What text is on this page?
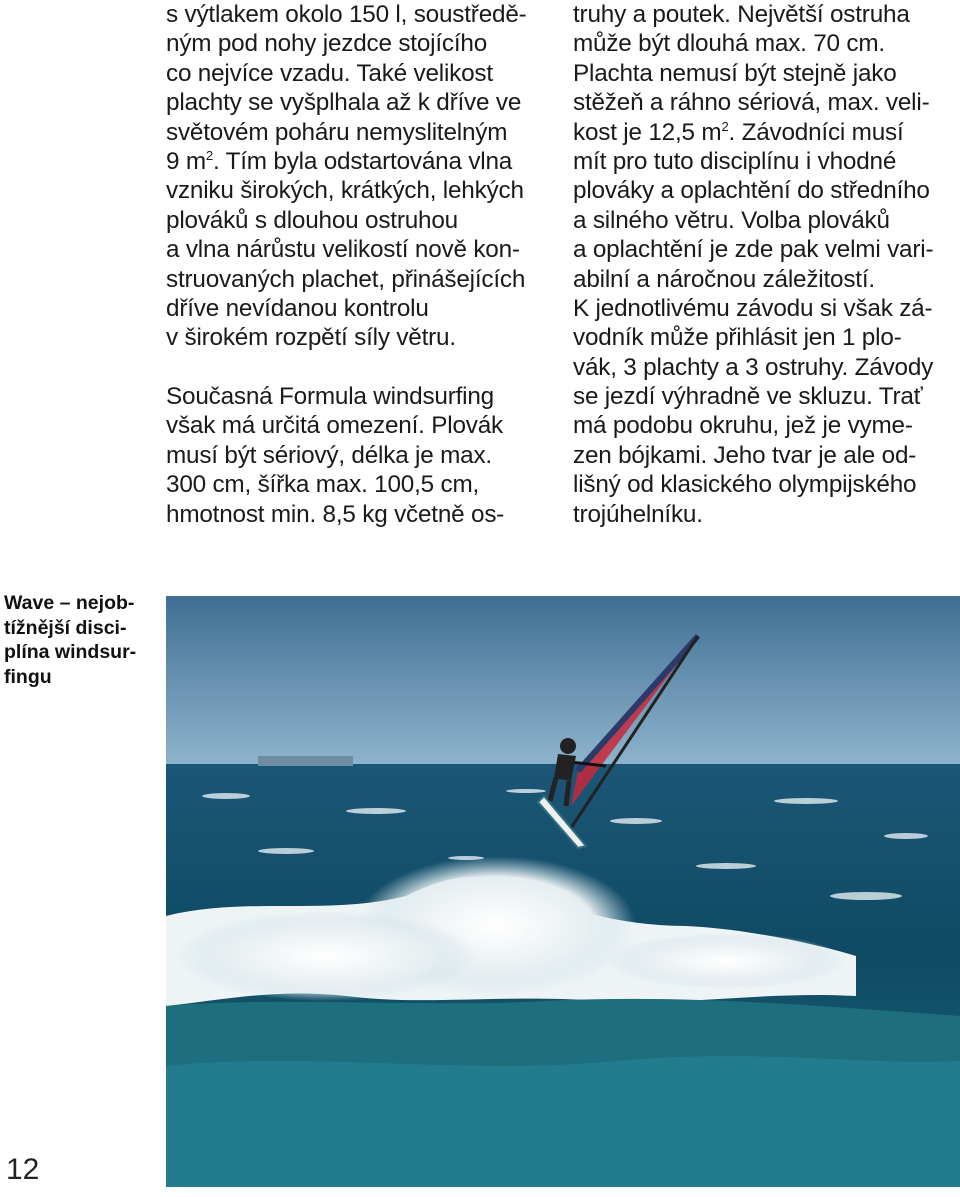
s výtlakem okolo 150 l, soustředě-
ným pod nohy jezdce stojícího
co nejvíce vzadu. Také velikost
plachty se vyšplhala až k dříve ve
světovém poháru nemyslitelným
9 $m^2$. Tím byla odstartována vlna
vzniku širokých, krátkých, lehkých
plováků s dlouhou ostruhou
a vlna nárůstu velikostí nově kon-
struovaných plachet, přinášejících
dříve nevídanou kontrolu
v širokém rozpětí síly větru.
Současná Formula windsurfing
však má určitá omezení. Plovák
musí být sériový, délka je max.
300 cm, šířka max. 100,5 cm,
hmotnost min. 8,5 kg včetně os-
truhy a poutek. Největší ostruha
může být dlouhá max. 70 cm.
Plachta nemusí být stejně jako
stěžeň a ráhno sériová, max. veli-
kost je 12,5 $m^2$. Závodníci musí
mít pro tuto disciplínu i vhodné
plováky a oplachtění do středního
a silného větru. Volba plováků
a oplachtění je zde pak velmi vari-
abilní a náročnou záležitostí.
K jednotlivému závodu si však zá-
vodník může přihlásit jen 1 plo-
vák, 3 plachty a 3 ostruhy. Závody
se jezdí výhradně ve skluzu. Trať
má podobu okruhu, jež je vyme-
zen bójkami. Jeho tvar je ale od-
lišný od klasického olympijského
trojúhelníku.
Wave – nejob-
tížnější disci-
plína windsur-
fingu
12
